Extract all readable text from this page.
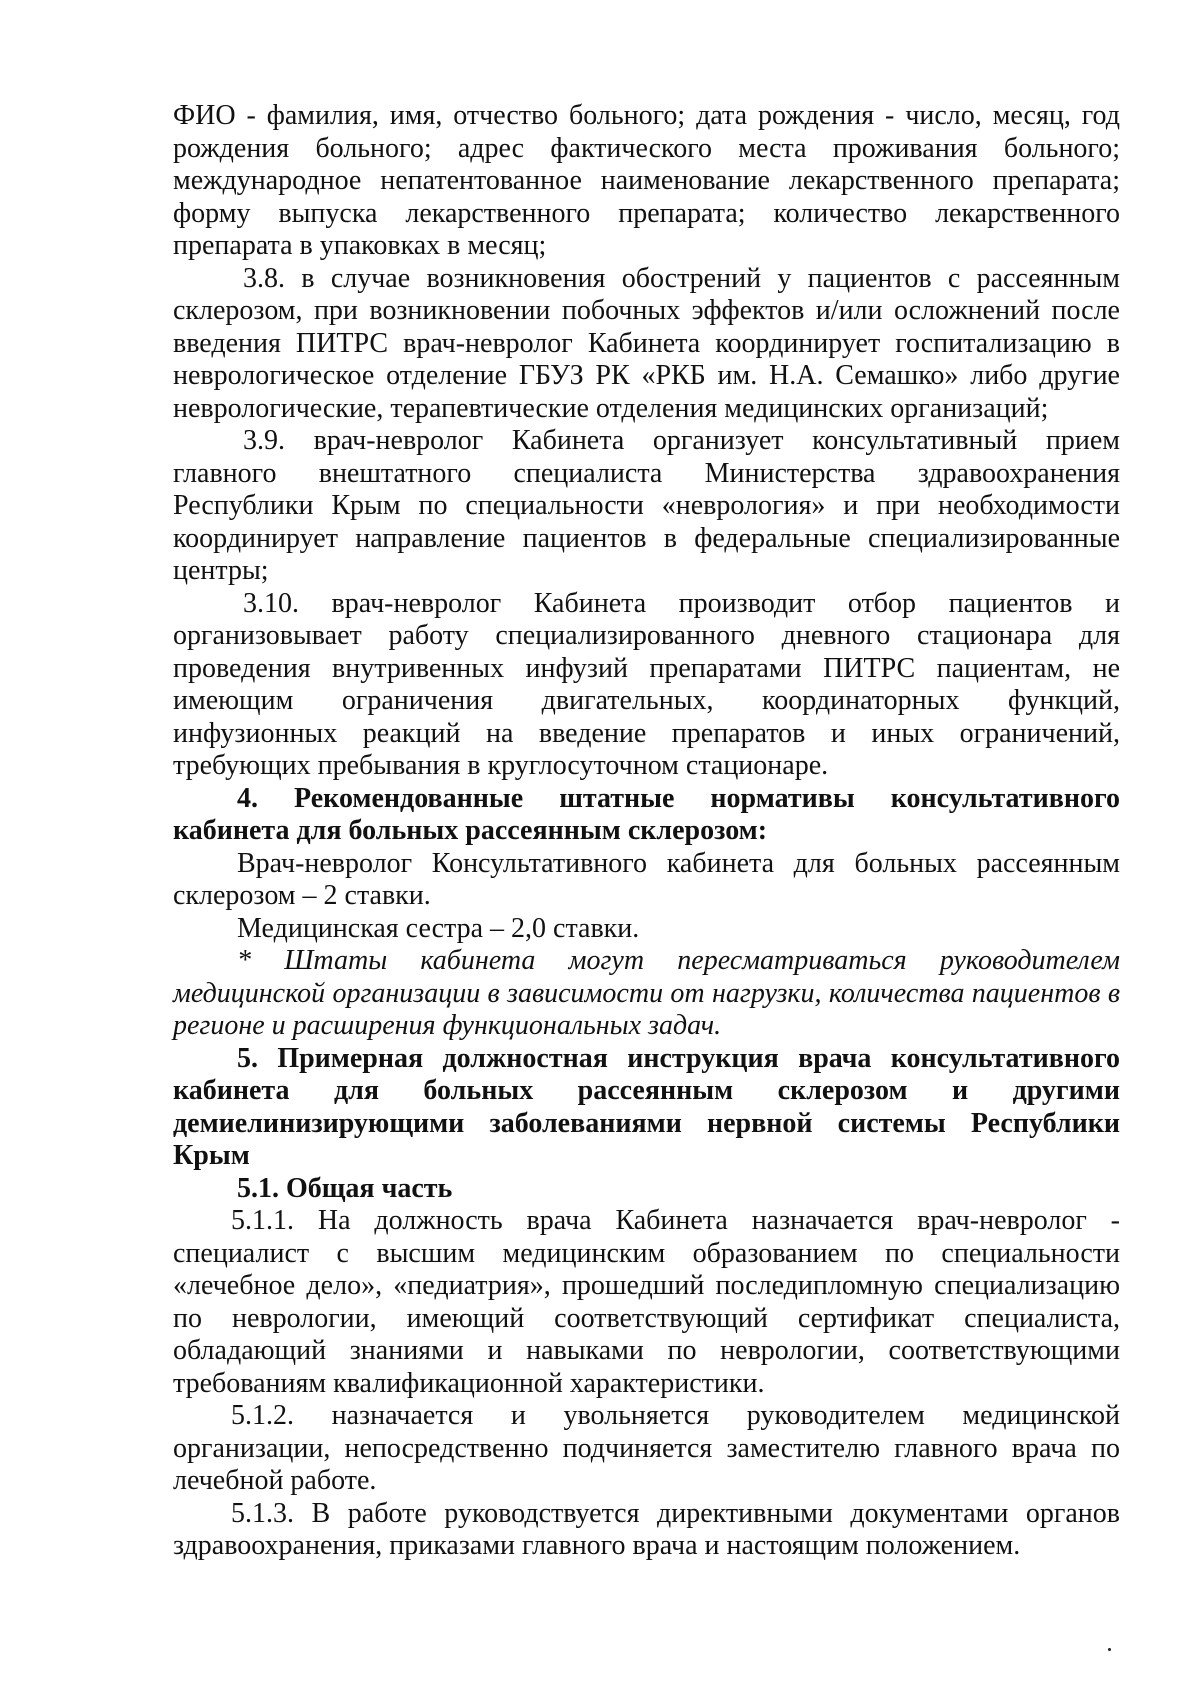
ФИО - фамилия, имя, отчество больного; дата рождения - число, месяц, год рождения больного; адрес фактического места проживания больного; международное непатентованное наименование лекарственного препарата; форму выпуска лекарственного препарата; количество лекарственного препарата в упаковках в месяц;

3.8. в случае возникновения обострений у пациентов с рассеянным склерозом, при возникновении побочных эффектов и/или осложнений после введения ПИТРС врач-невролог Кабинета координирует госпитализацию в неврологическое отделение ГБУЗ РК «РКБ им. Н.А. Семашко» либо другие неврологические, терапевтические отделения медицинских организаций;

3.9. врач-невролог Кабинета организует консультативный прием главного внештатного специалиста Министерства здравоохранения Республики Крым по специальности «неврология» и при необходимости координирует направление пациентов в федеральные специализированные центры;

3.10. врач-невролог Кабинета производит отбор пациентов и организовывает работу специализированного дневного стационара для проведения внутривенных инфузий препаратами ПИТРС пациентам, не имеющим ограничения двигательных, координаторных функций, инфузионных реакций на введение препаратов и иных ограничений, требующих пребывания в круглосуточном стационаре.

4. Рекомендованные штатные нормативы консультативного кабинета для больных рассеянным склерозом:

Врач-невролог Консультативного кабинета для больных рассеянным склерозом – 2 ставки.

Медицинская сестра – 2,0 ставки.

* Штаты кабинета могут пересматриваться руководителем медицинской организации в зависимости от нагрузки, количества пациентов в регионе и расширения функциональных задач.

5. Примерная должностная инструкция врача консультативного кабинета для больных рассеянным склерозом и другими демиелинизирующими заболеваниями нервной системы Республики Крым

5.1. Общая часть

5.1.1. На должность врача Кабинета назначается врач-невролог - специалист с высшим медицинским образованием по специальности «лечебное дело», «педиатрия», прошедший последипломную специализацию по неврологии, имеющий соответствующий сертификат специалиста, обладающий знаниями и навыками по неврологии, соответствующими требованиям квалификационной характеристики.

5.1.2. назначается и увольняется руководителем медицинской организации, непосредственно подчиняется заместителю главного врача по лечебной работе.

5.1.3. В работе руководствуется директивными документами органов здравоохранения, приказами главного врача и настоящим положением.
